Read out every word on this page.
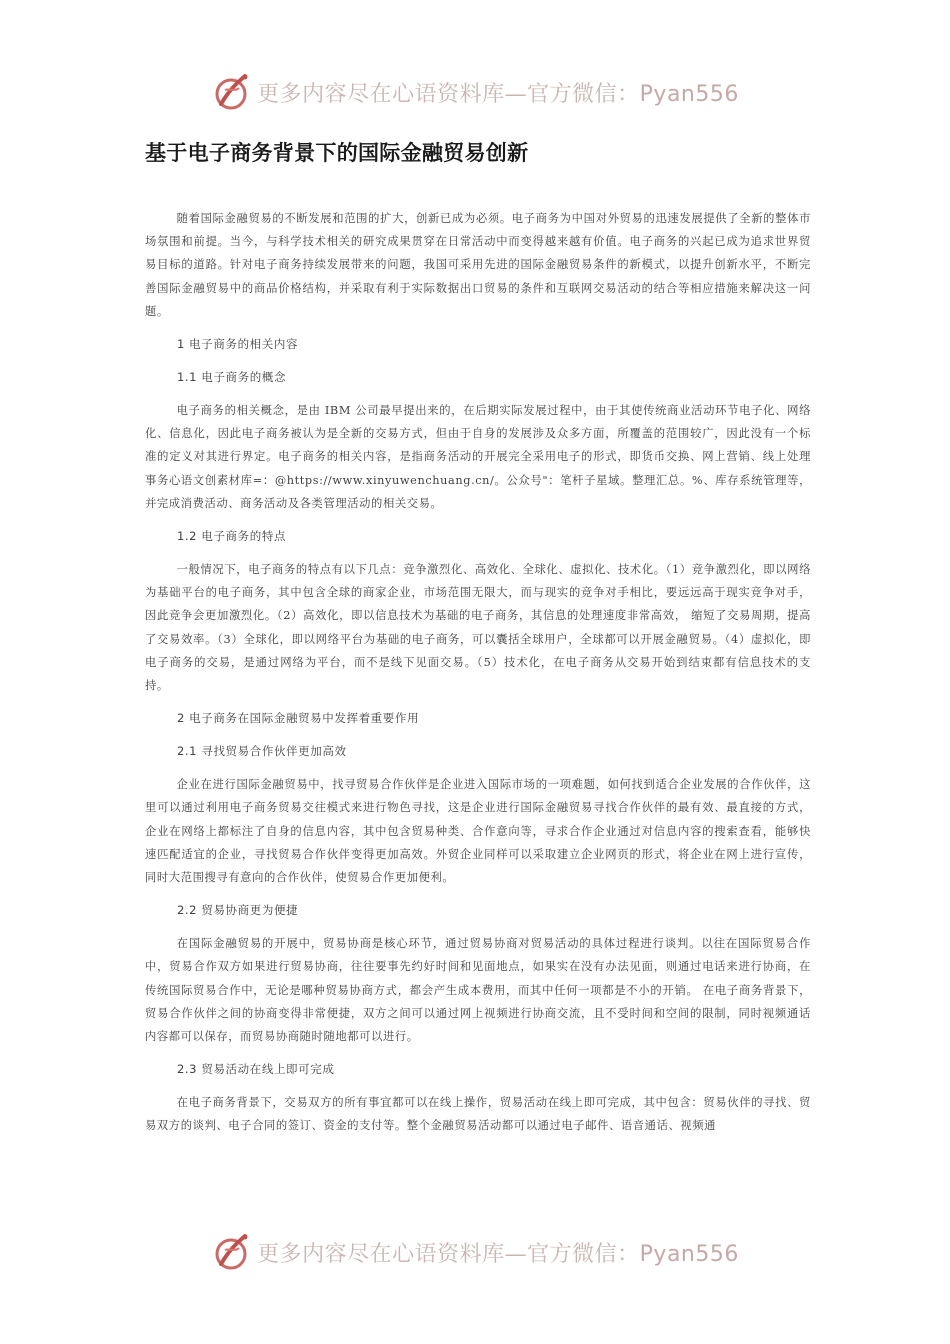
更多内容尽在心语资料库—官方微信：Pyan556
基于电子商务背景下的国际金融贸易创新

随着国际金融贸易的不断发展和范围的扩大，创新已成为必须。电子商务为中国对外贸易的迅速发展提供了全新的整体市场氛围和前提。当今，与科学技术相关的研究成果贯穿在日常活动中而变得越来越有价值。电子商务的兴起已成为追求世界贸易目标的道路。针对电子商务持续发展带来的问题，我国可采用先进的国际金融贸易条件的新模式，以提升创新水平，不断完善国际金融贸易中的商品价格结构，并采取有利于实际数据出口贸易的条件和互联网交易活动的结合等相应措施来解决这一问题。

1 电子商务的相关内容
1.1 电子商务的概念

电子商务的相关概念，是由 IBM 公司最早提出来的，在后期实际发展过程中，由于其使传统商业活动环节电子化、网络化、信息化，因此电子商务被认为是全新的交易方式，但由于自身的发展涉及众多方面，所覆盖的范围较广，因此没有一个标准的定义对其进行界定。电子商务的相关内容，是指商务活动的开展完全采用电子的形式，即货币交换、网上营销、线上处理事务心语文创素材库=：@https://www.xinyuwenchuang.cn/。公众号"：笔杆子星域。整理汇总。%、库存系统管理等，并完成消费活动、商务活动及各类管理活动的相关交易。

1.2 电子商务的特点

一般情况下，电子商务的特点有以下几点：竞争激烈化、高效化、全球化、虚拟化、技术化。（1）竞争激烈化，即以网络为基础平台的电子商务，其中包含全球的商家企业，市场范围无限大，而与现实的竞争对手相比，要远远高于现实竞争对手，因此竞争会更加激烈化。（2）高效化，即以信息技术为基础的电子商务，其信息的处理速度非常高效， 缩短了交易周期，提高了交易效率。（3）全球化，即以网络平台为基础的电子商务，可以囊括全球用户，全球都可以开展金融贸易。（4）虚拟化，即电子商务的交易，是通过网络为平台，而不是线下见面交易。（5）技术化，在电子商务从交易开始到结束都有信息技术的支持。

2 电子商务在国际金融贸易中发挥着重要作用
2.1 寻找贸易合作伙伴更加高效

企业在进行国际金融贸易中，找寻贸易合作伙伴是企业进入国际市场的一项难题，如何找到适合企业发展的合作伙伴，这里可以通过利用电子商务贸易交往模式来进行物色寻找，这是企业进行国际金融贸易寻找合作伙伴的最有效、最直接的方式，企业在网络上都标注了自身的信息内容，其中包含贸易种类、合作意向等，寻求合作企业通过对信息内容的搜索查看，能够快速匹配适宜的企业，寻找贸易合作伙伴变得更加高效。外贸企业同样可以采取建立企业网页的形式，将企业在网上进行宣传，同时大范围搜寻有意向的合作伙伴，使贸易合作更加便利。

2.2 贸易协商更为便捷

在国际金融贸易的开展中，贸易协商是核心环节，通过贸易协商对贸易活动的具体过程进行谈判。以往在国际贸易合作中，贸易合作双方如果进行贸易协商，往往要事先约好时间和见面地点，如果实在没有办法见面，则通过电话来进行协商，在传统国际贸易合作中，无论是哪种贸易协商方式，都会产生成本费用，而其中任何一项都是不小的开销。 在电子商务背景下，贸易合作伙伴之间的协商变得非常便捷，双方之间可以通过网上视频进行协商交流，且不受时间和空间的限制，同时视频通话内容都可以保存，而贸易协商随时随地都可以进行。

2.3 贸易活动在线上即可完成

在电子商务背景下，交易双方的所有事宜都可以在线上操作，贸易活动在线上即可完成，其中包含：贸易伙伴的寻找、贸易双方的谈判、电子合同的签订、资金的支付等。整个金融贸易活动都可以通过电子邮件、语音通话、视频通

更多内容尽在心语资料库—官方微信：Pyan556
